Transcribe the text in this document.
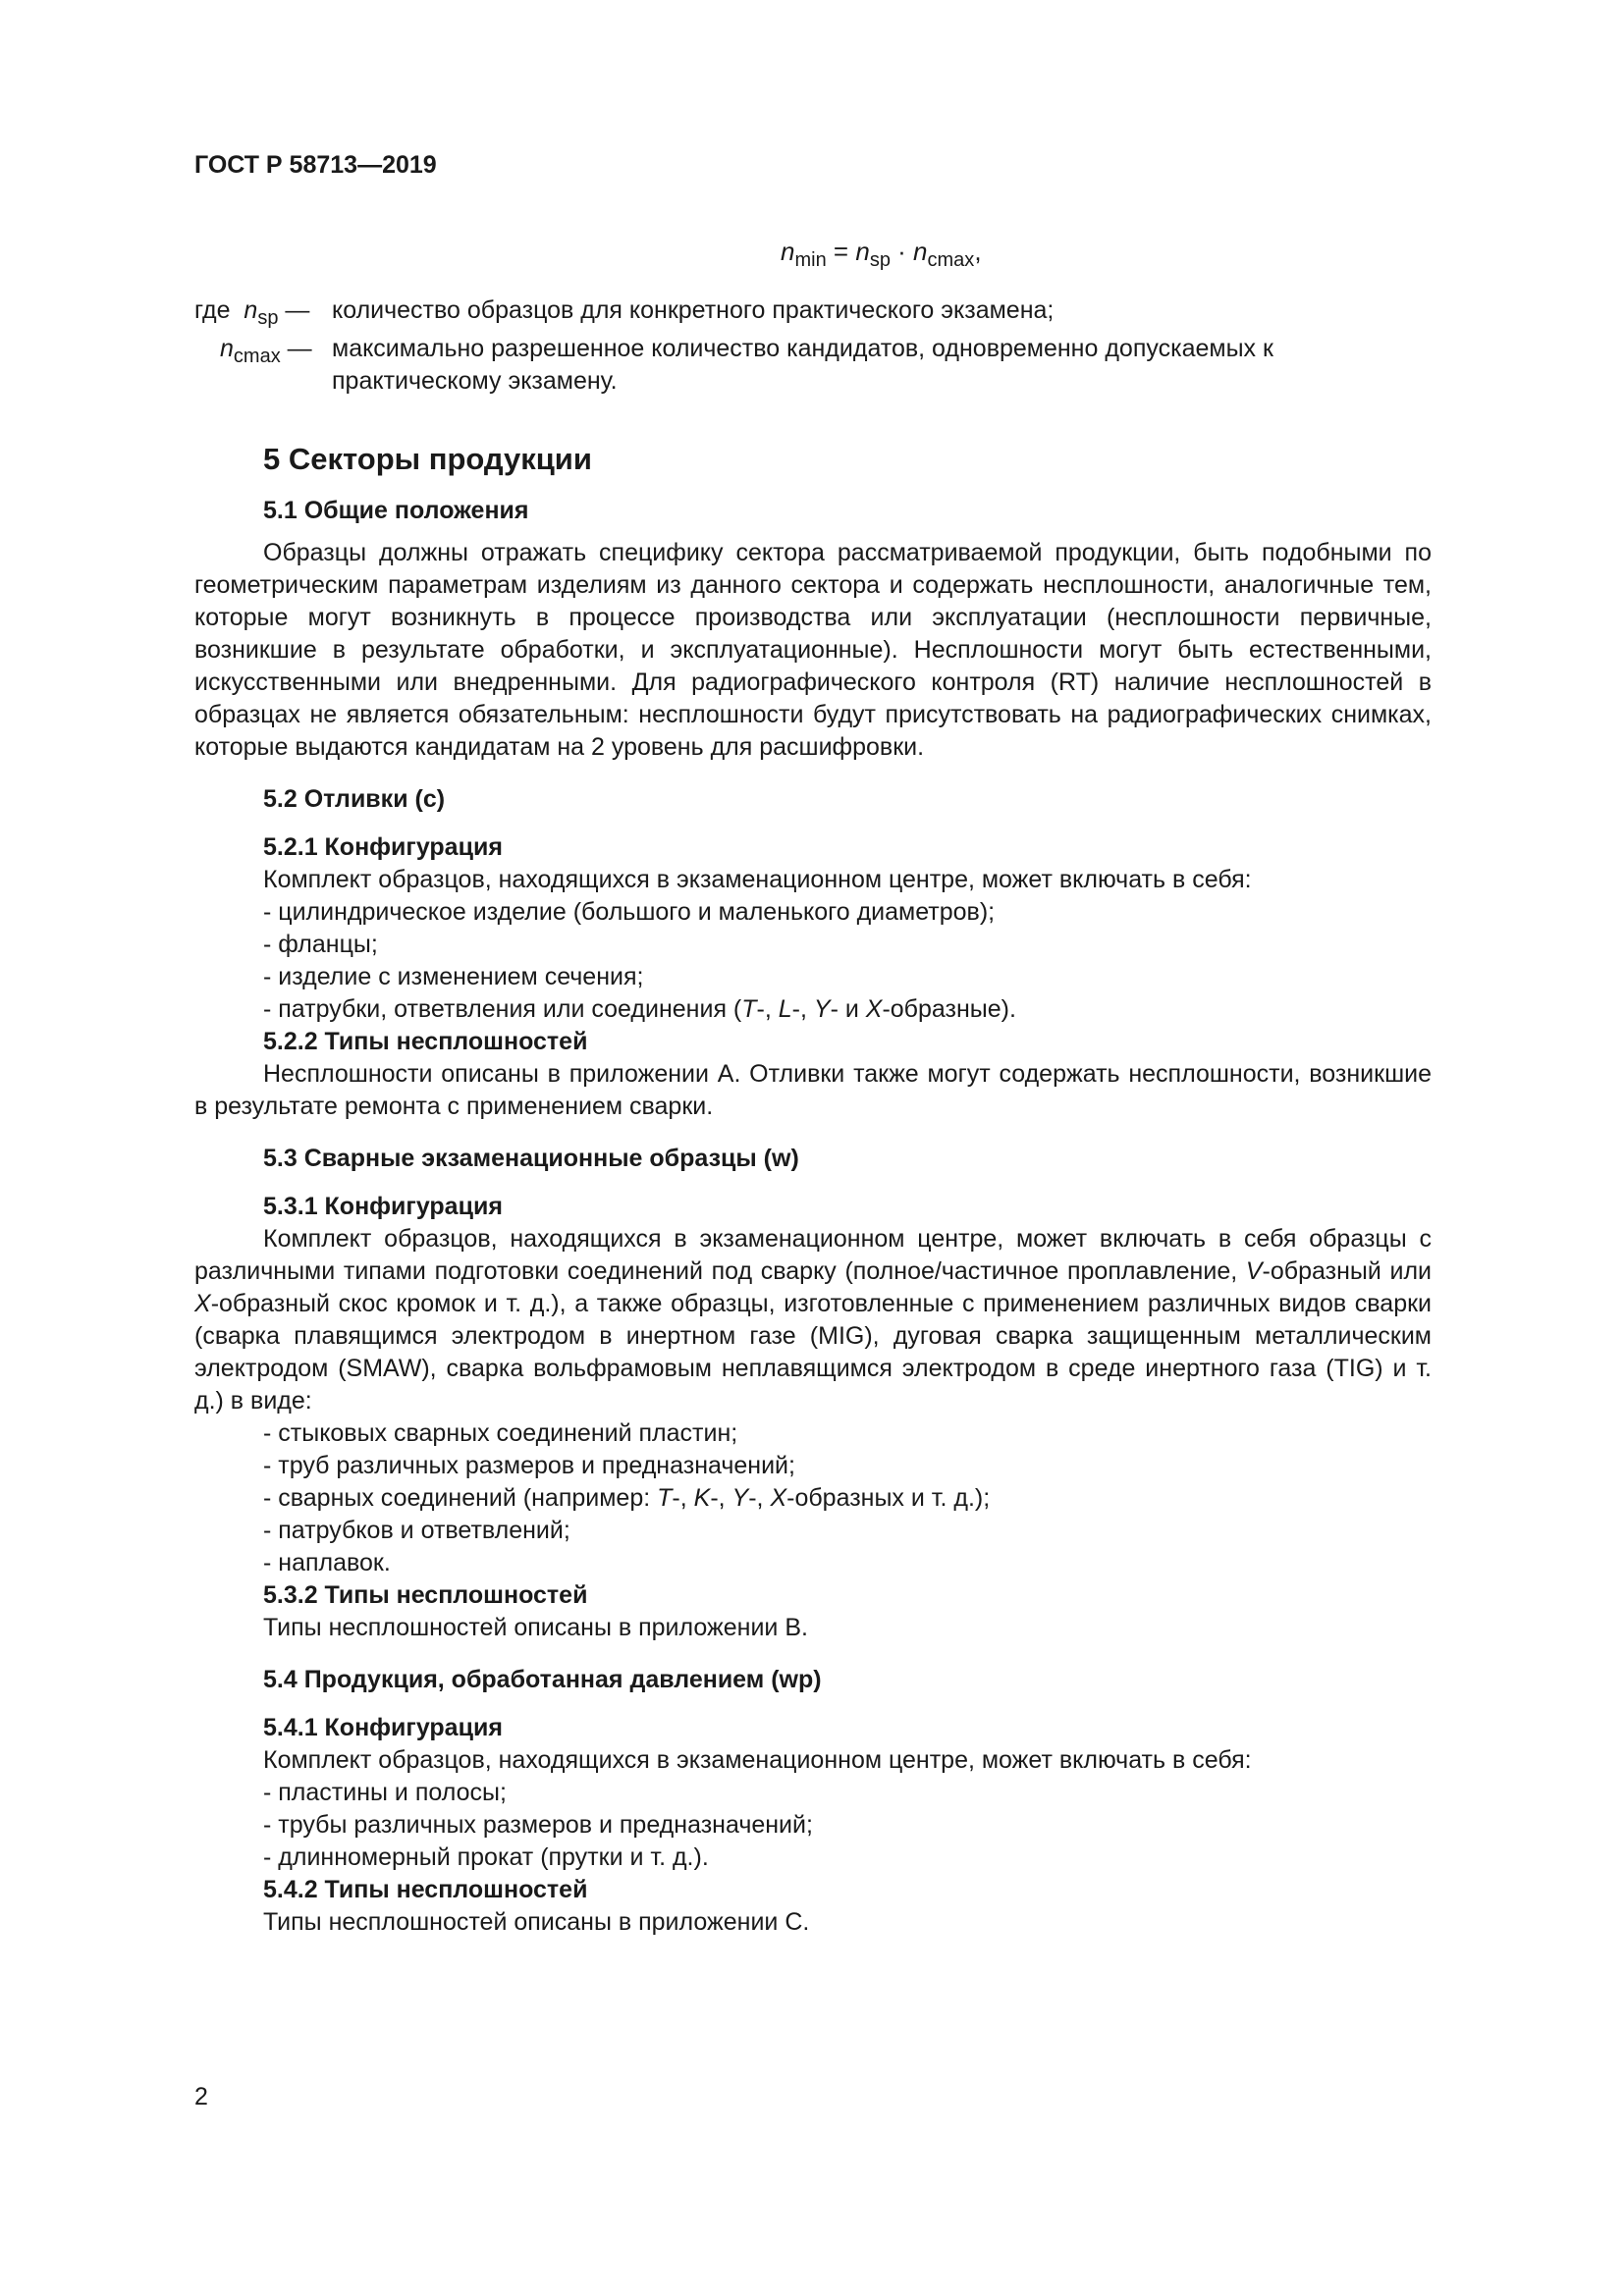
ГОСТ Р 58713—2019
$n_{min} = n_{sp} \cdot n_{cmax}$,
где $n_{sp}$ — количество образцов для конкретного практического экзамена;
$n_{cmax}$ — максимально разрешенное количество кандидатов, одновременно допускаемых к практическому экзамену.
5 Секторы продукции
5.1 Общие положения

Образцы должны отражать специфику сектора рассматриваемой продукции, быть подобными по геометрическим параметрам изделиям из данного сектора и содержать несплошности, аналогичные тем, которые могут возникнуть в процессе производства или эксплуатации (несплошности первичные, возникшие в результате обработки, и эксплуатационные). Несплошности могут быть естественными, искусственными или внедренными. Для радиографического контроля (RT) наличие несплошностей в образцах не является обязательным: несплошности будут присутствовать на радиографических снимках, которые выдаются кандидатам на 2 уровень для расшифровки.

5.2 Отливки (c)
5.2.1 Конфигурация

Комплект образцов, находящихся в экзаменационном центре, может включать в себя:

- цилиндрическое изделие (большого и маленького диаметров);
- фланцы;
- изделие с изменением сечения;
- патрубки, ответвления или соединения (T-, L-, Y- и X-образные).
5.2.2 Типы несплошностей

Несплошности описаны в приложении A. Отливки также могут содержать несплошности, возникшие в результате ремонта с применением сварки.

5.3 Сварные экзаменационные образцы (w)
5.3.1 Конфигурация

Комплект образцов, находящихся в экзаменационном центре, может включать в себя образцы с различными типами подготовки соединений под сварку (полное/частичное проплавление, V-образный или X-образный скос кромок и т. д.), а также образцы, изготовленные с применением различных видов сварки (сварка плавящимся электродом в инертном газе (MIG), дуговая сварка защищенным металлическим электродом (SMAW), сварка вольфрамовым неплавящимся электродом в среде инертного газа (TIG) и т. д.) в виде:

- стыковых сварных соединений пластин;
- труб различных размеров и предназначений;
- сварных соединений (например: T-, K-, Y-, X-образных и т. д.);
- патрубков и ответвлений;
- наплавок.
5.3.2 Типы несплошностей

Типы несплошностей описаны в приложении B.

5.4 Продукция, обработанная давлением (wp)
5.4.1 Конфигурация

Комплект образцов, находящихся в экзаменационном центре, может включать в себя:

- пластины и полосы;
- трубы различных размеров и предназначений;
- длинномерный прокат (прутки и т. д.).
5.4.2 Типы несплошностей

Типы несплошностей описаны в приложении C.

2
